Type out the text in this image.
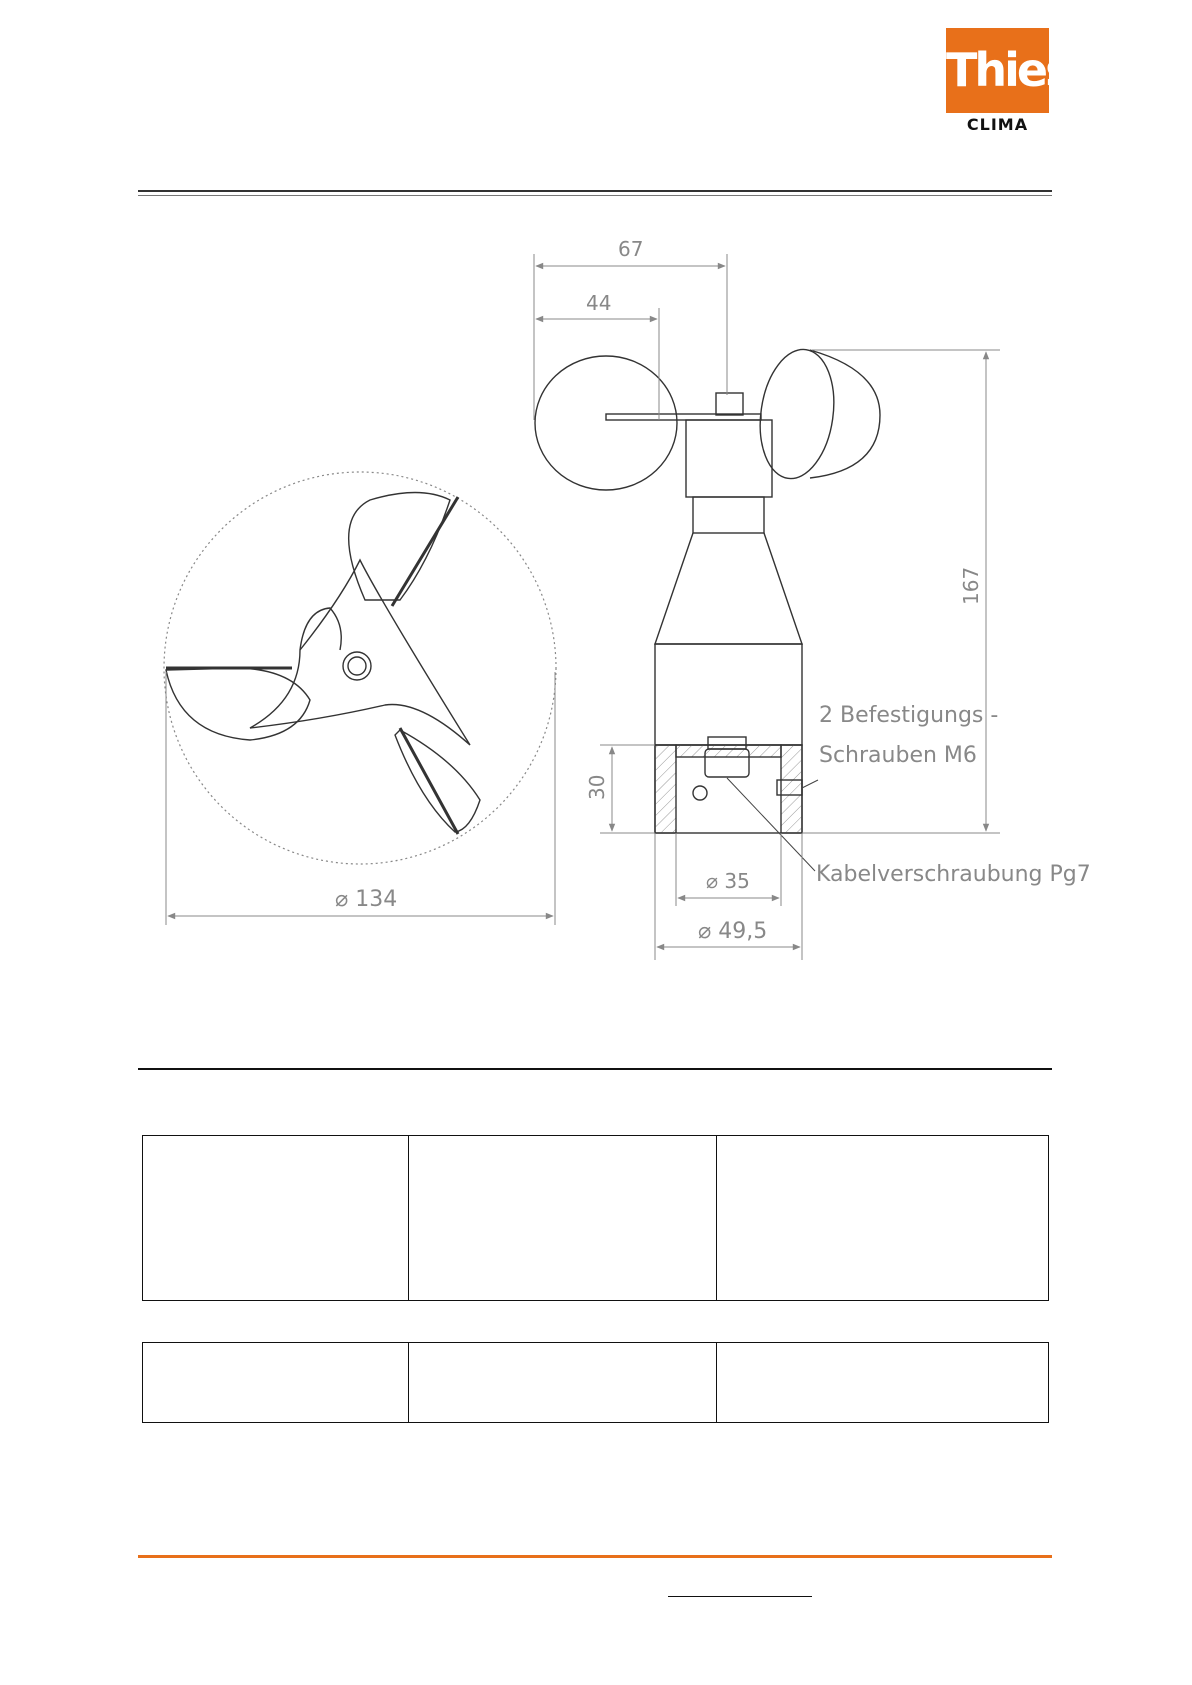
Thies
CLIMA
⌀ 134
67
44
167
30
⌀ 35
⌀ 49,5
2 Befestigungs -
Schrauben M6
Kabelverschraubung Pg7
